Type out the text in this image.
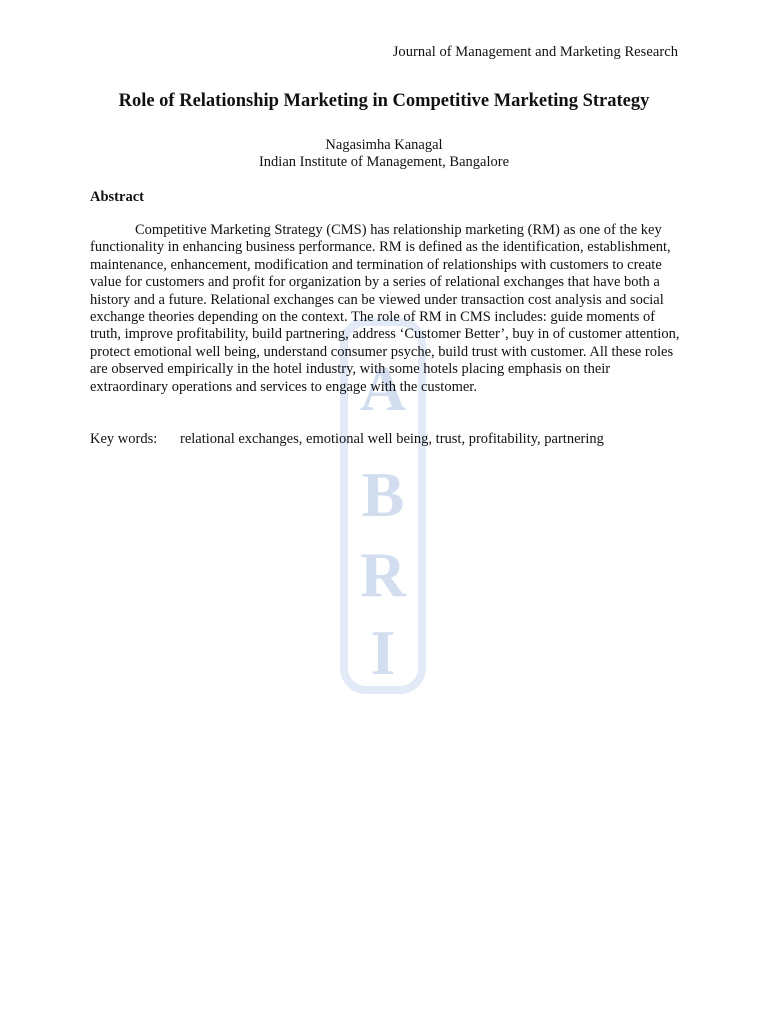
A
B
R
I
Journal of Management and Marketing Research
Role of Relationship Marketing in Competitive Marketing Strategy
Nagasimha Kanagal
Indian Institute of Management, Bangalore
Abstract

Competitive Marketing Strategy (CMS) has relationship marketing (RM) as one of the key functionality in enhancing business performance. RM is defined as the identification, establishment, maintenance, enhancement, modification and termination of relationships with customers to create value for customers and profit for organization by a series of relational exchanges that have both a history and a future. Relational exchanges can be viewed under transaction cost analysis and social exchange theories depending on the context. The role of RM in CMS includes: guide moments of truth, improve profitability, build partnering, address ‘Customer Better’, buy in of customer attention, protect emotional well being, understand consumer psyche, build trust with customer. All these roles are observed empirically in the hotel industry, with some hotels placing emphasis on their extraordinary operations and services to engage with the customer.

Key words: relational exchanges, emotional well being, trust, profitability, partnering
